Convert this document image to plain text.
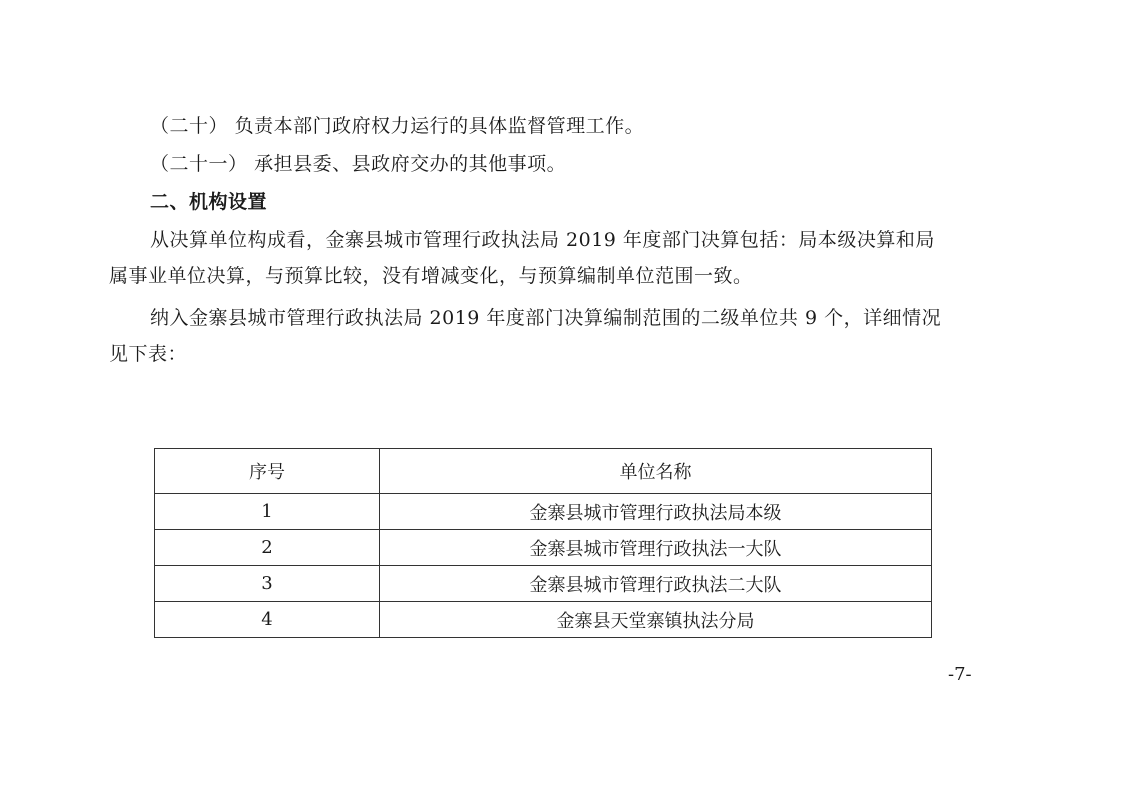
（二十） 负责本部门政府权力运行的具体监督管理工作。
（二十一） 承担县委、县政府交办的其他事项。
二、机构设置
从决算单位构成看，金寨县城市管理行政执法局 2019 年度部门决算包括：局本级决算和局
属事业单位决算，与预算比较，没有增减变化，与预算编制单位范围一致。
纳入金寨县城市管理行政执法局 2019 年度部门决算编制范围的二级单位共 9 个，详细情况
见下表：
序号	单位名称
1	金寨县城市管理行政执法局本级
2	金寨县城市管理行政执法一大队
3	金寨县城市管理行政执法二大队
4	金寨县天堂寨镇执法分局
-7-
